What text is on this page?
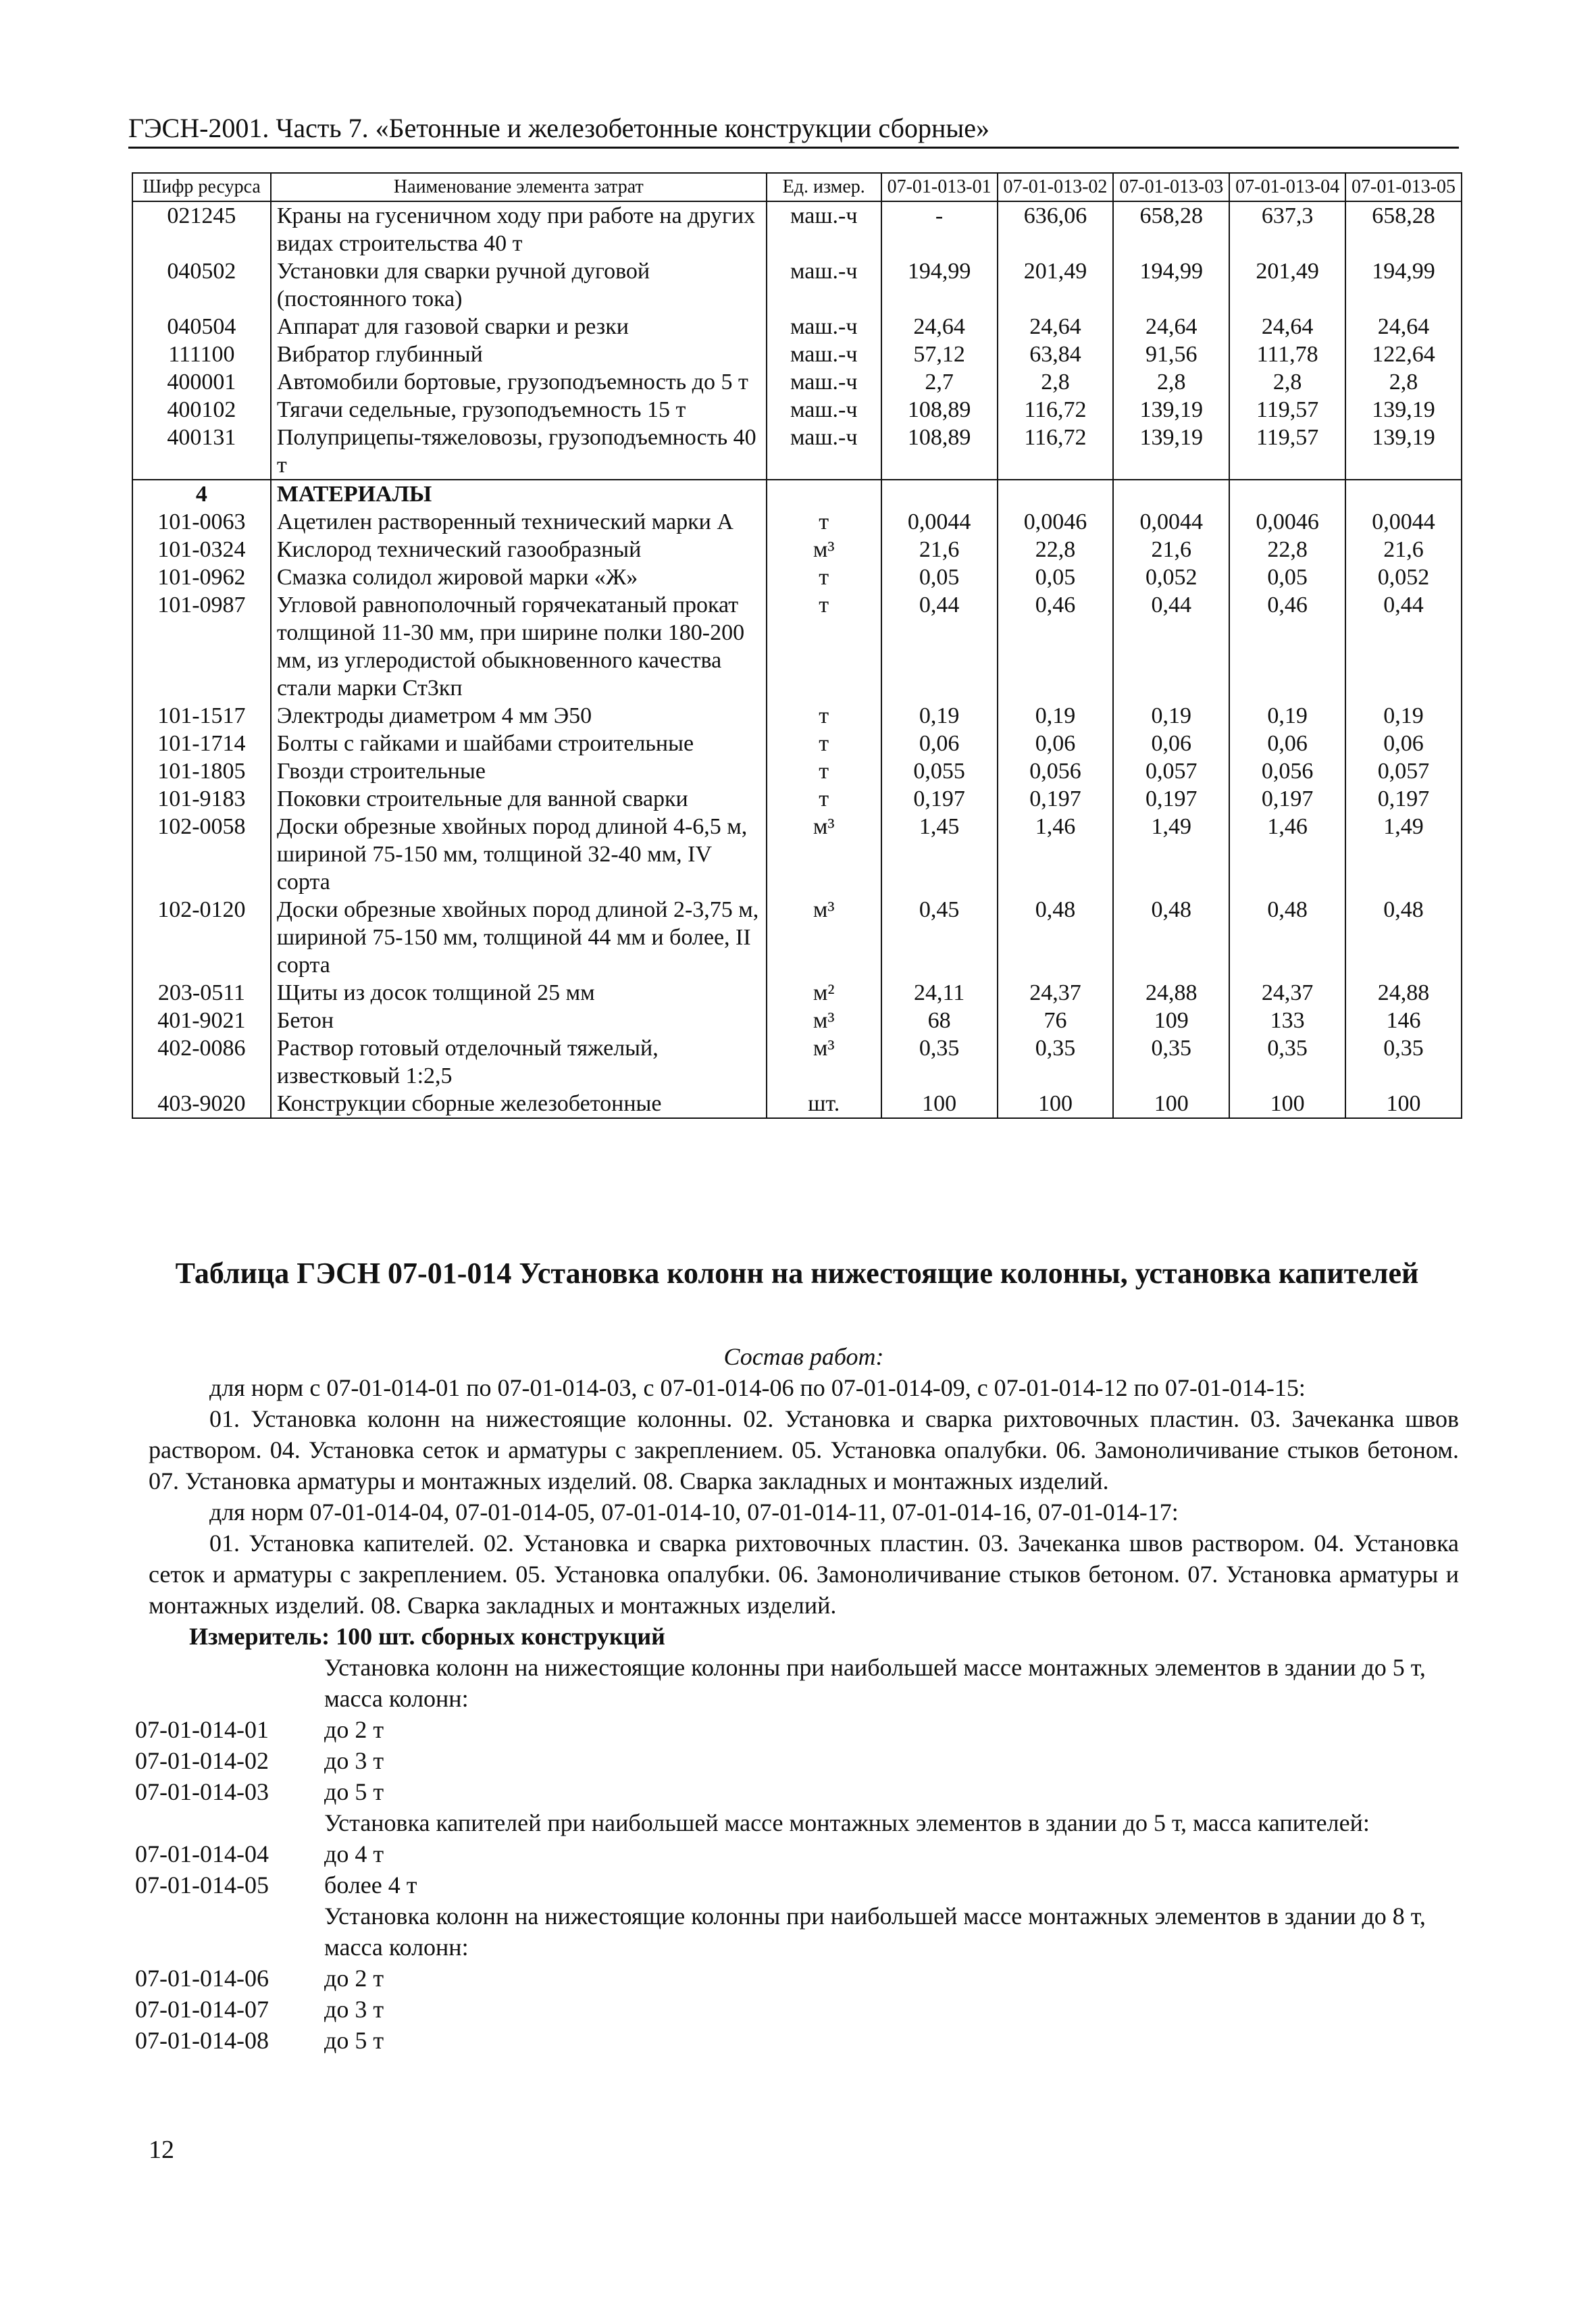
ГЭСН-2001. Часть 7. «Бетонные и железобетонные конструкции сборные»
Шифр ресурса	Наименование элемента затрат	Ед. измер.	07-01-013-01	07-01-013-02	07-01-013-03	07-01-013-04	07-01-013-05
021245	Краны на гусеничном ходу при работе на других видах строительства 40 т	маш.-ч	-	636,06	658,28	637,3	658,28
040502	Установки для сварки ручной дуговой (постоянного тока)	маш.-ч	194,99	201,49	194,99	201,49	194,99
040504	Аппарат для газовой сварки и резки	маш.-ч	24,64	24,64	24,64	24,64	24,64
111100	Вибратор глубинный	маш.-ч	57,12	63,84	91,56	111,78	122,64
400001	Автомобили бортовые, грузоподъемность до 5 т	маш.-ч	2,7	2,8	2,8	2,8	2,8
400102	Тягачи седельные, грузоподъемность 15 т	маш.-ч	108,89	116,72	139,19	119,57	139,19
400131	Полуприцепы-тяжеловозы, грузоподъемность 40 т	маш.-ч	108,89	116,72	139,19	119,57	139,19
4	МАТЕРИАЛЫ						
101-0063	Ацетилен растворенный технический марки А	т	0,0044	0,0046	0,0044	0,0046	0,0044
101-0324	Кислород технический газообразный	м³	21,6	22,8	21,6	22,8	21,6
101-0962	Смазка солидол жировой марки «Ж»	т	0,05	0,05	0,052	0,05	0,052
101-0987	Угловой равнополочный горячекатаный прокат толщиной 11-30 мм, при ширине полки 180-200 мм, из углеродистой обыкновенного качества стали марки Ст3кп	т	0,44	0,46	0,44	0,46	0,44
101-1517	Электроды диаметром 4 мм Э50	т	0,19	0,19	0,19	0,19	0,19
101-1714	Болты с гайками и шайбами строительные	т	0,06	0,06	0,06	0,06	0,06
101-1805	Гвозди строительные	т	0,055	0,056	0,057	0,056	0,057
101-9183	Поковки строительные для ванной сварки	т	0,197	0,197	0,197	0,197	0,197
102-0058	Доски обрезные хвойных пород длиной 4-6,5 м, шириной 75-150 мм, толщиной 32-40 мм, IV сорта	м³	1,45	1,46	1,49	1,46	1,49
102-0120	Доски обрезные хвойных пород длиной 2-3,75 м, шириной 75-150 мм, толщиной 44 мм и более, II сорта	м³	0,45	0,48	0,48	0,48	0,48
203-0511	Щиты из досок толщиной 25 мм	м²	24,11	24,37	24,88	24,37	24,88
401-9021	Бетон	м³	68	76	109	133	146
402-0086	Раствор готовый отделочный тяжелый, известковый 1:2,5	м³	0,35	0,35	0,35	0,35	0,35
403-9020	Конструкции сборные железобетонные	шт.	100	100	100	100	100
Таблица ГЭСН 07-01-014 Установка колонн на нижестоящие колонны, установка капителей
Состав работ:
для норм с 07-01-014-01 по 07-01-014-03, с 07-01-014-06 по 07-01-014-09, с 07-01-014-12 по 07-01-014-15:
01. Установка колонн на нижестоящие колонны. 02. Установка и сварка рихтовочных пластин. 03. Зачеканка швов раствором. 04. Установка сеток и арматуры с закреплением. 05. Установка опалубки. 06. Замоноличивание стыков бетоном. 07. Установка арматуры и монтажных изделий. 08. Сварка закладных и монтажных изделий.
для норм 07-01-014-04, 07-01-014-05, 07-01-014-10, 07-01-014-11, 07-01-014-16, 07-01-014-17:
01. Установка капителей. 02. Установка и сварка рихтовочных пластин. 03. Зачеканка швов раствором. 04. Установка сеток и арматуры с закреплением. 05. Установка опалубки. 06. Замоноличивание стыков бетоном. 07. Установка арматуры и монтажных изделий. 08. Сварка закладных и монтажных изделий.
Измеритель: 100 шт. сборных конструкций
Установка колонн на нижестоящие колонны при наибольшей массе монтажных элементов в здании до 5 т, масса колонн:
07-01-014-01	до 2 т
07-01-014-02	до 3 т
07-01-014-03	до 5 т
Установка капителей при наибольшей массе монтажных элементов в здании до 5 т, масса капителей:
07-01-014-04	до 4 т
07-01-014-05	более 4 т
Установка колонн на нижестоящие колонны при наибольшей массе монтажных элементов в здании до 8 т, масса колонн:
07-01-014-06	до 2 т
07-01-014-07	до 3 т
07-01-014-08	до 5 т
12
